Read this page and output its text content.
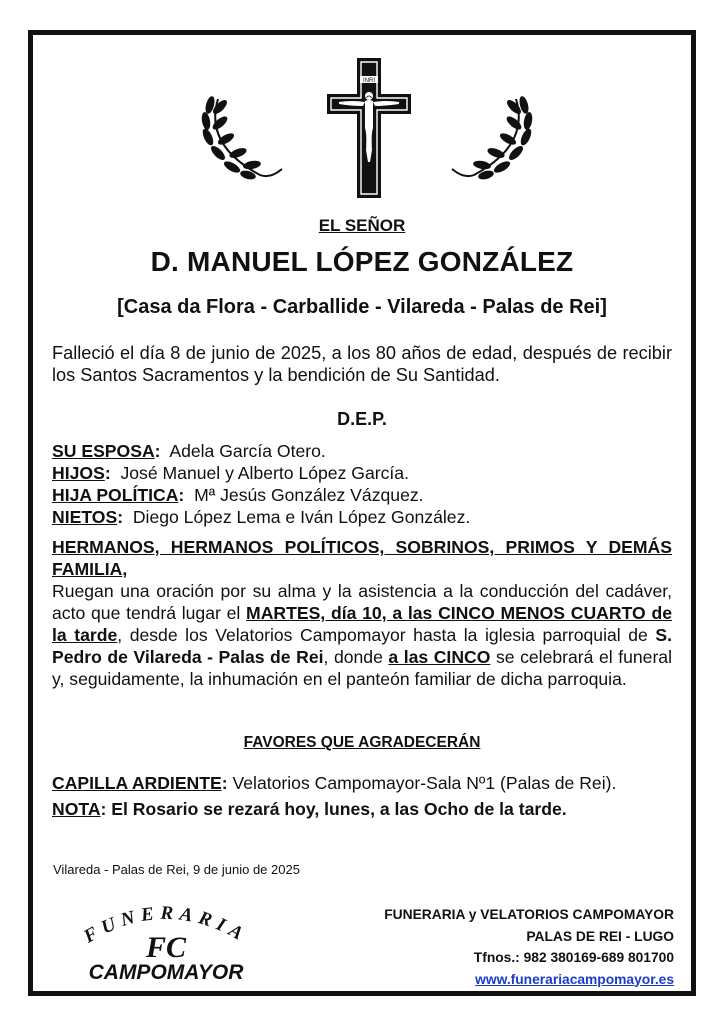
INRI
EL SEÑOR
D. MANUEL LÓPEZ GONZÁLEZ
[Casa da Flora - Carballide - Vilareda - Palas de Rei]
Falleció el día 8 de junio de 2025, a los 80 años de edad, después de recibir los Santos Sacramentos y la bendición de Su Santidad.
D.E.P.
SU ESPOSA: Adela García Otero.
HIJOS: José Manuel y Alberto López García.
HIJA POLÍTICA: Mª Jesús González Vázquez.
NIETOS: Diego López Lema e Iván López González.
HERMANOS, HERMANOS POLÍTICOS, SOBRINOS, PRIMOS Y DEMÁS FAMILIA,
Ruegan una oración por su alma y la asistencia a la conducción del cadáver, acto que tendrá lugar el MARTES, día 10, a las CINCO MENOS CUARTO de la tarde, desde los Velatorios Campomayor hasta la iglesia parroquial de S. Pedro de Vilareda - Palas de Rei, donde a las CINCO se celebrará el funeral y, seguidamente, la inhumación en el panteón familiar de dicha parroquia.
FAVORES QUE AGRADECERÁN
CAPILLA ARDIENTE: Velatorios Campomayor-Sala Nº1 (Palas de Rei).
NOTA: El Rosario se rezará hoy, lunes, a las Ocho de la tarde.
Vilareda - Palas de Rei, 9 de junio de 2025
FUNERARIA
FC
CAMPOMAYOR
FUNERARIA y VELATORIOS CAMPOMAYOR
PALAS DE REI - LUGO
Tfnos.: 982 380169-689 801700
www.funerariacampomayor.es
